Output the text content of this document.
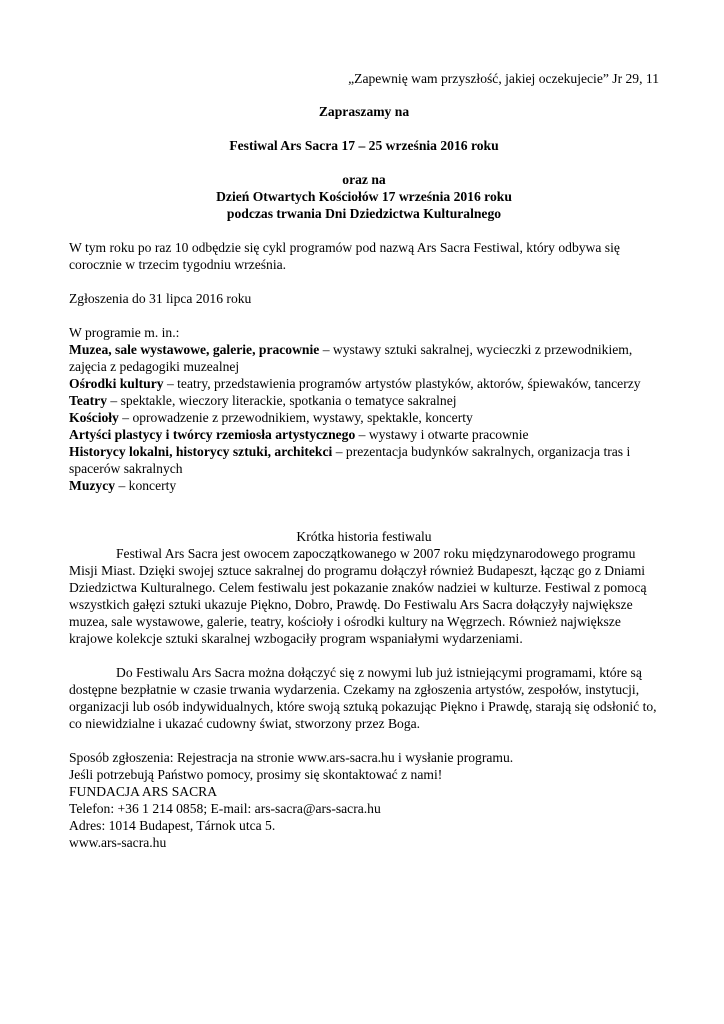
„Zapewnię wam przyszłość, jakiej oczekujecie” Jr 29, 11

Zapraszamy na

Festiwal Ars Sacra 17 – 25 września 2016 roku

oraz na

Dzień Otwartych Kościołów 17 września 2016 roku

podczas trwania Dni Dziedzictwa Kulturalnego

W tym roku po raz 10 odbędzie się cykl programów pod nazwą Ars Sacra Festiwal, który odbywa się corocznie w trzecim tygodniu września.

Zgłoszenia do 31 lipca 2016 roku

W programie m. in.:

Muzea, sale wystawowe, galerie, pracownie – wystawy sztuki sakralnej, wycieczki z przewodnikiem, zajęcia z pedagogiki muzealnej

Ośrodki kultury – teatry, przedstawienia programów artystów plastyków, aktorów, śpiewaków, tancerzy

Teatry – spektakle, wieczory literackie, spotkania o tematyce sakralnej

Kościoły – oprowadzenie z przewodnikiem, wystawy, spektakle, koncerty

Artyści plastycy i twórcy rzemiosła artystycznego – wystawy i otwarte pracownie

Historycy lokalni, historycy sztuki, architekci – prezentacja budynków sakralnych, organizacja tras i spacerów sakralnych

Muzycy – koncerty

Krótka historia festiwalu

Festiwal Ars Sacra jest owocem zapoczątkowanego w 2007 roku międzynarodowego programu Misji Miast. Dzięki swojej sztuce sakralnej do programu dołączył również Budapeszt, łącząc go z Dniami Dziedzictwa Kulturalnego. Celem festiwalu jest pokazanie znaków nadziei w kulturze. Festiwal z pomocą wszystkich gałęzi sztuki ukazuje Piękno, Dobro, Prawdę. Do Festiwalu Ars Sacra dołączyły największe muzea, sale wystawowe, galerie, teatry, kościoły i ośrodki kultury na Węgrzech. Również największe krajowe kolekcje sztuki skaralnej wzbogaciły program wspaniałymi wydarzeniami.

Do Festiwalu Ars Sacra można dołączyć się z nowymi lub już istniejącymi programami, które są dostępne bezpłatnie w czasie trwania wydarzenia. Czekamy na zgłoszenia artystów, zespołów, instytucji, organizacji lub osób indywidualnych, które swoją sztuką pokazując Piękno i Prawdę, starają się odsłonić to, co niewidzialne i ukazać cudowny świat, stworzony przez Boga.

Sposób zgłoszenia: Rejestracja na stronie www.ars-sacra.hu i wysłanie programu.

Jeśli potrzebują Państwo pomocy, prosimy się skontaktować z nami!

FUNDACJA ARS SACRA

Telefon: +36 1 214 0858; E-mail: ars-sacra@ars-sacra.hu

Adres: 1014 Budapest, Tárnok utca 5.

www.ars-sacra.hu
